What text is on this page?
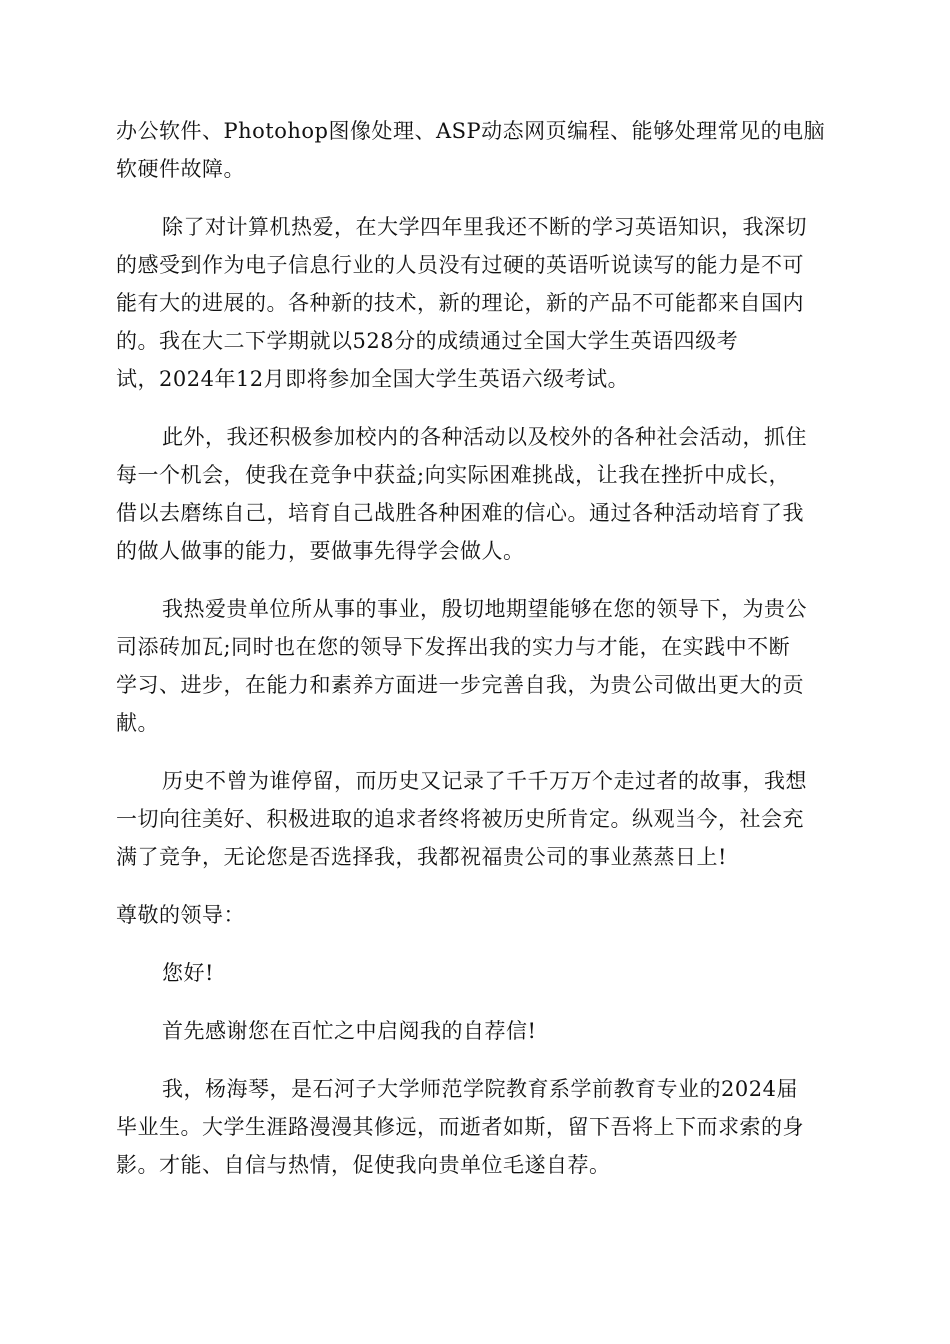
办公软件、Photohop图像处理、ASP动态网页编程、能够处理常见的电脑
软硬件故障。

除了对计算机热爱，在大学四年里我还不断的学习英语知识，我深切
的感受到作为电子信息行业的人员没有过硬的英语听说读写的能力是不可
能有大的进展的。各种新的技术，新的理论，新的产品不可能都来自国内
的。我在大二下学期就以528分的成绩通过全国大学生英语四级考
试，2024年12月即将参加全国大学生英语六级考试。

此外，我还积极参加校内的各种活动以及校外的各种社会活动，抓住
每一个机会，使我在竞争中获益;向实际困难挑战，让我在挫折中成长，
借以去磨练自己，培育自己战胜各种困难的信心。通过各种活动培育了我
的做人做事的能力，要做事先得学会做人。

我热爱贵单位所从事的事业，殷切地期望能够在您的领导下，为贵公
司添砖加瓦;同时也在您的领导下发挥出我的实力与才能，在实践中不断
学习、进步，在能力和素养方面进一步完善自我，为贵公司做出更大的贡
献。

历史不曾为谁停留，而历史又记录了千千万万个走过者的故事，我想
一切向往美好、积极进取的追求者终将被历史所肯定。纵观当今，社会充
满了竞争，无论您是否选择我，我都祝福贵公司的事业蒸蒸日上!

尊敬的领导：

您好!

首先感谢您在百忙之中启阅我的自荐信!

我，杨海琴，是石河子大学师范学院教育系学前教育专业的2024届
毕业生。大学生涯路漫漫其修远，而逝者如斯，留下吾将上下而求索的身
影。才能、自信与热情，促使我向贵单位毛遂自荐。
